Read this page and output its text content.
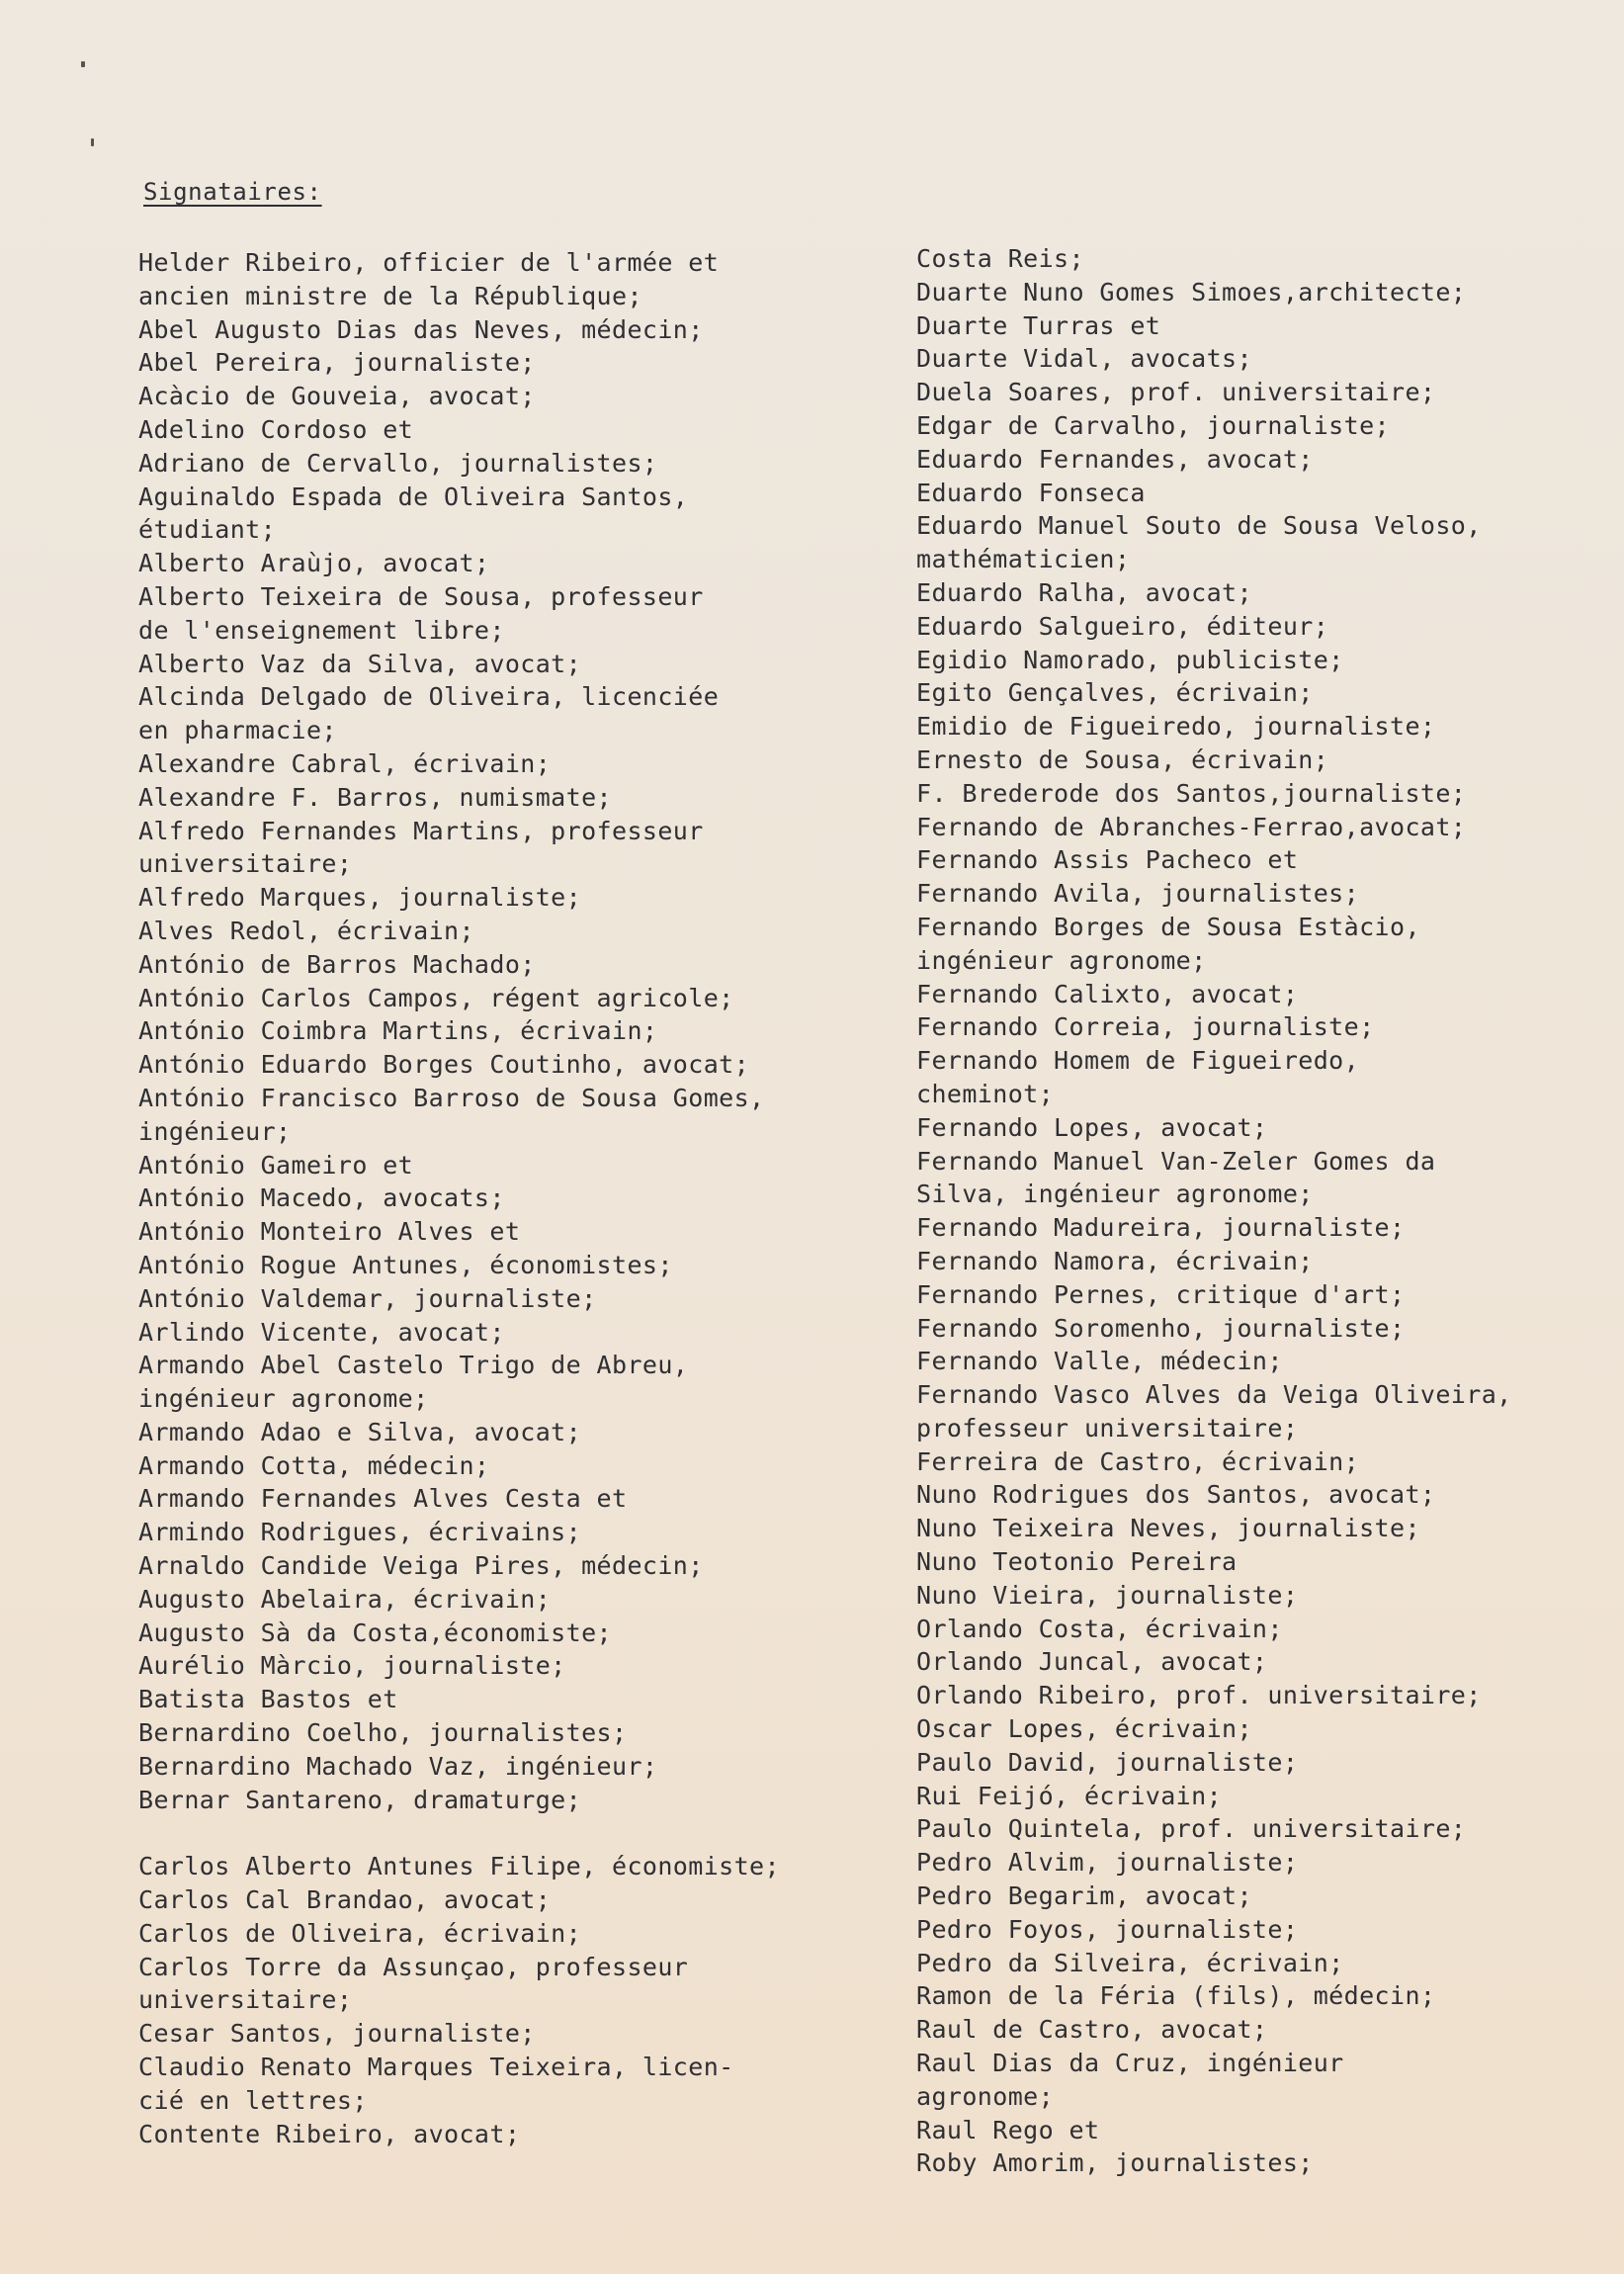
Signataires:
Helder Ribeiro, officier de l'armée et
ancien ministre de la République;
Abel Augusto Dias das Neves, médecin;
Abel Pereira, journaliste;
Acàcio de Gouveia, avocat;
Adelino Cordoso et
Adriano de Cervallo, journalistes;
Aguinaldo Espada de Oliveira Santos,
étudiant;
Alberto Araùjo, avocat;
Alberto Teixeira de Sousa, professeur
de l'enseignement libre;
Alberto Vaz da Silva, avocat;
Alcinda Delgado de Oliveira, licenciée
en pharmacie;
Alexandre Cabral, écrivain;
Alexandre F. Barros, numismate;
Alfredo Fernandes Martins, professeur
universitaire;
Alfredo Marques, journaliste;
Alves Redol, écrivain;
António de Barros Machado;
António Carlos Campos, régent agricole;
António Coimbra Martins, écrivain;
António Eduardo Borges Coutinho, avocat;
António Francisco Barroso de Sousa Gomes,
ingénieur;
António Gameiro et
António Macedo, avocats;
António Monteiro Alves et
António Rogue Antunes, économistes;
António Valdemar, journaliste;
Arlindo Vicente, avocat;
Armando Abel Castelo Trigo de Abreu,
ingénieur agronome;
Armando Adao e Silva, avocat;
Armando Cotta, médecin;
Armando Fernandes Alves Cesta et
Armindo Rodrigues, écrivains;
Arnaldo Candide Veiga Pires, médecin;
Augusto Abelaira, écrivain;
Augusto Sà da Costa,économiste;
Aurélio Màrcio, journaliste;
Batista Bastos et
Bernardino Coelho, journalistes;
Bernardino Machado Vaz, ingénieur;
Bernar Santareno, dramaturge;
Carlos Alberto Antunes Filipe, économiste;
Carlos Cal Brandao, avocat;
Carlos de Oliveira, écrivain;
Carlos Torre da Assunçao, professeur
universitaire;
Cesar Santos, journaliste;
Claudio Renato Marques Teixeira, licen-
cié en lettres;
Contente Ribeiro, avocat;
Costa Reis;
Duarte Nuno Gomes Simoes,architecte;
Duarte Turras et
Duarte Vidal, avocats;
Duela Soares, prof. universitaire;
Edgar de Carvalho, journaliste;
Eduardo Fernandes, avocat;
Eduardo Fonseca
Eduardo Manuel Souto de Sousa Veloso,
mathématicien;
Eduardo Ralha, avocat;
Eduardo Salgueiro, éditeur;
Egidio Namorado, publiciste;
Egito Gençalves, écrivain;
Emidio de Figueiredo, journaliste;
Ernesto de Sousa, écrivain;
F. Brederode dos Santos,journaliste;
Fernando de Abranches-Ferrao,avocat;
Fernando Assis Pacheco et
Fernando Avila, journalistes;
Fernando Borges de Sousa Estàcio,
ingénieur agronome;
Fernando Calixto, avocat;
Fernando Correia, journaliste;
Fernando Homem de Figueiredo,
cheminot;
Fernando Lopes, avocat;
Fernando Manuel Van-Zeler Gomes da
Silva, ingénieur agronome;
Fernando Madureira, journaliste;
Fernando Namora, écrivain;
Fernando Pernes, critique d'art;
Fernando Soromenho, journaliste;
Fernando Valle, médecin;
Fernando Vasco Alves da Veiga Oliveira,
professeur universitaire;
Ferreira de Castro, écrivain;
Nuno Rodrigues dos Santos, avocat;
Nuno Teixeira Neves, journaliste;
Nuno Teotonio Pereira
Nuno Vieira, journaliste;
Orlando Costa, écrivain;
Orlando Juncal, avocat;
Orlando Ribeiro, prof. universitaire;
Oscar Lopes, écrivain;
Paulo David, journaliste;
Rui Feijó, écrivain;
Paulo Quintela, prof. universitaire;
Pedro Alvim, journaliste;
Pedro Begarim, avocat;
Pedro Foyos, journaliste;
Pedro da Silveira, écrivain;
Ramon de la Féria (fils), médecin;
Raul de Castro, avocat;
Raul Dias da Cruz, ingénieur
agronome;
Raul Rego et
Roby Amorim, journalistes;
